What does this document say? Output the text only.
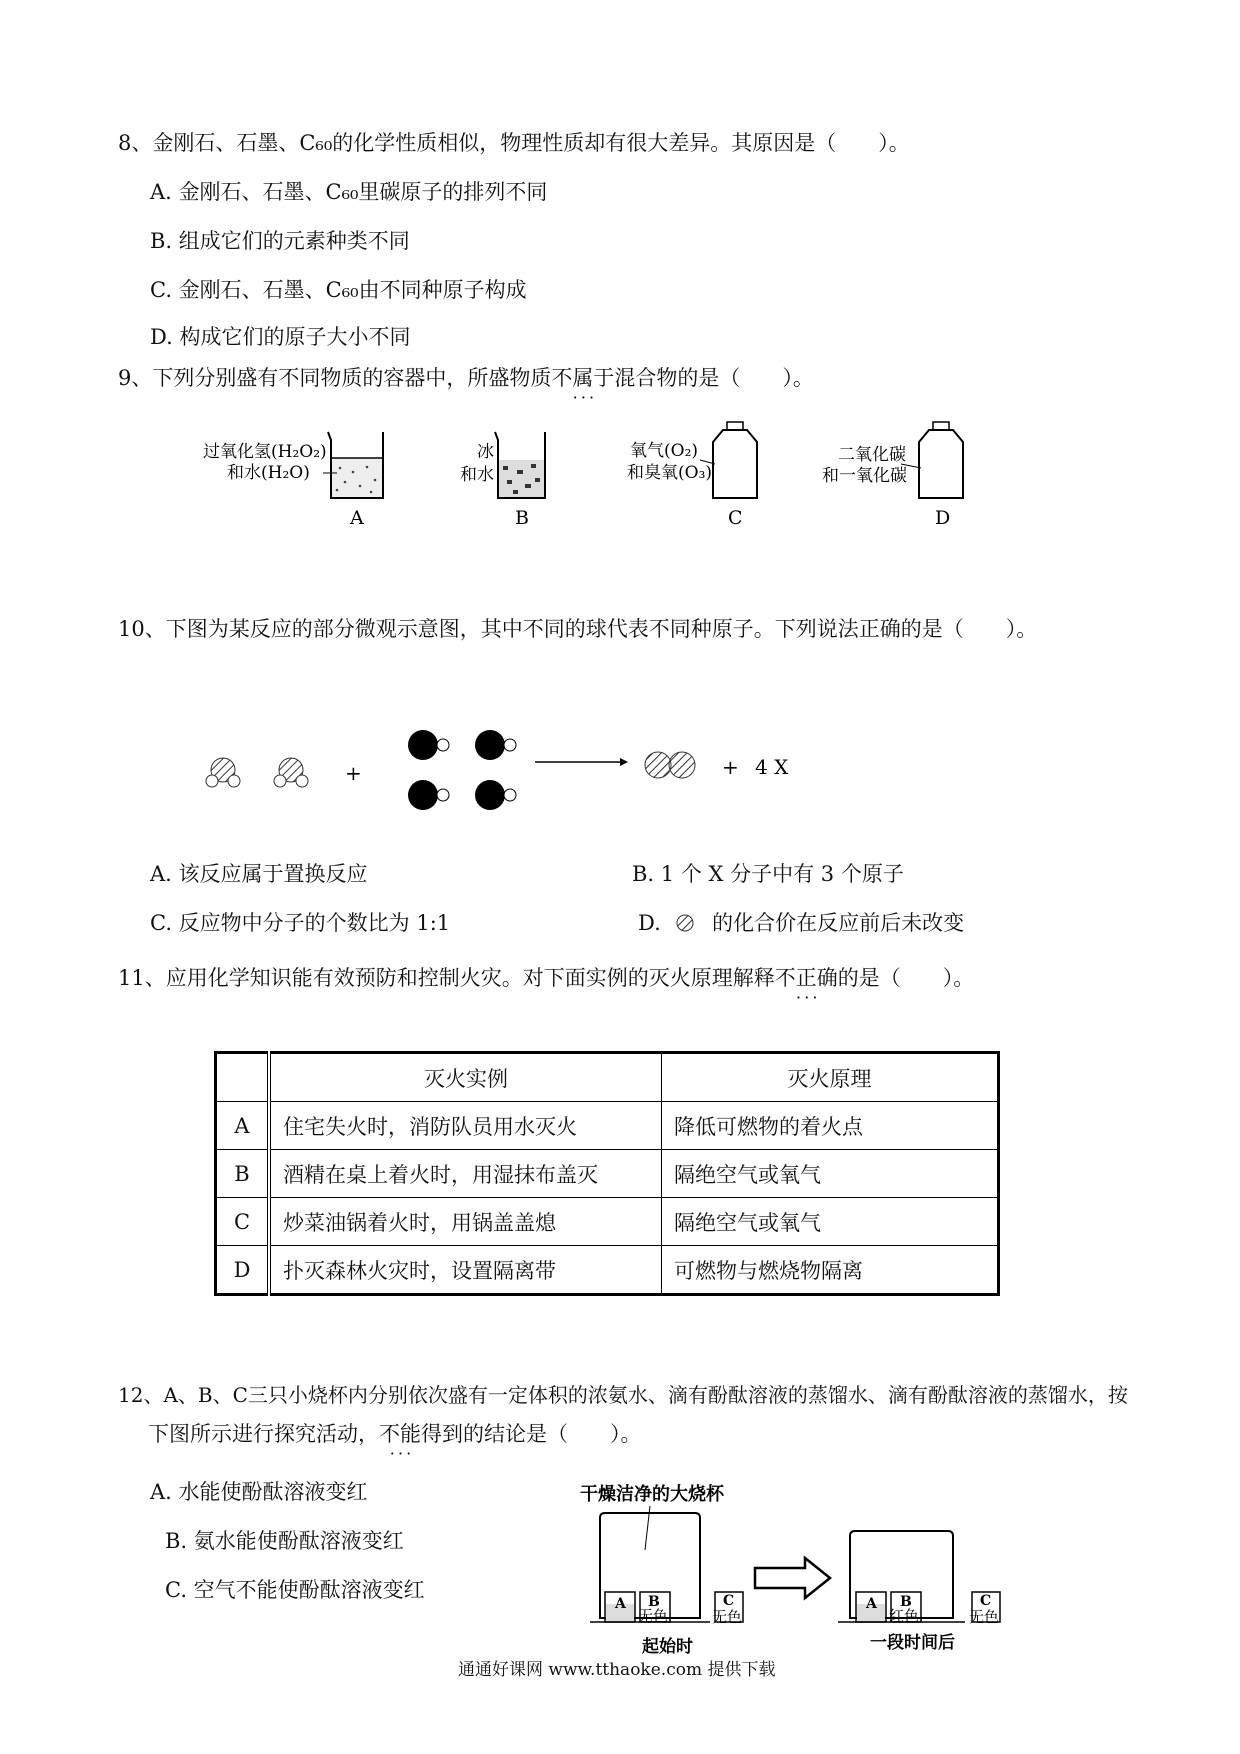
8、金刚石、石墨、C₆₀的化学性质相似，物理性质却有很大差异。其原因是（　　）。
A. 金刚石、石墨、C₆₀里碳原子的排列不同
B. 组成它们的元素种类不同
C. 金刚石、石墨、C₆₀由不同种原子构成
D. 构成它们的原子大小不同
9、下列分别盛有不同物质的容器中，所盛物质不属于 · · ·混合物的是（　　）。
过氧化氢(H₂O₂)
和水(H₂O)
A
冰
和水
B
氧气(O₂)
和臭氧(O₃)
C
二氧化碳
和一氧化碳
D
10、下图为某反应的部分微观示意图，其中不同的球代表不同种原子。下列说法正确的是（　　）。
+	+ 4 X
A. 该反应属于置换反应	B. 1 个 X 分子中有 3 个原子
C. 反应物中分子的个数比为 1:1	D. 的化合价在反应前后未改变
11、应用化学知识能有效预防和控制火灾。对下面实例的灭火原理解释不正确 · · ·的是（　　）。
	灭火实例	灭火原理
A	住宅失火时，消防队员用水灭火	降低可燃物的着火点
B	酒精在桌上着火时，用湿抹布盖灭	隔绝空气或氧气
C	炒菜油锅着火时，用锅盖盖熄	隔绝空气或氧气
D	扑灭森林火灾时，设置隔离带	可燃物与燃烧物隔离
12、A、B、C三只小烧杯内分别依次盛有一定体积的浓氨水、滴有酚酞溶液的蒸馏水、滴有酚酞溶液的蒸馏水，按
下图所示进行探究活动，不能 · · ·得到的结论是（　　）。
A. 水能使酚酞溶液变红
B. 氨水能使酚酞溶液变红
C. 空气不能使酚酞溶液变红
干燥洁净的大烧杯
A B
无色
C
无色
起始时
A B
红色
C
无色
一段时间后
通通好课网 www.tthaoke.com 提供下载
